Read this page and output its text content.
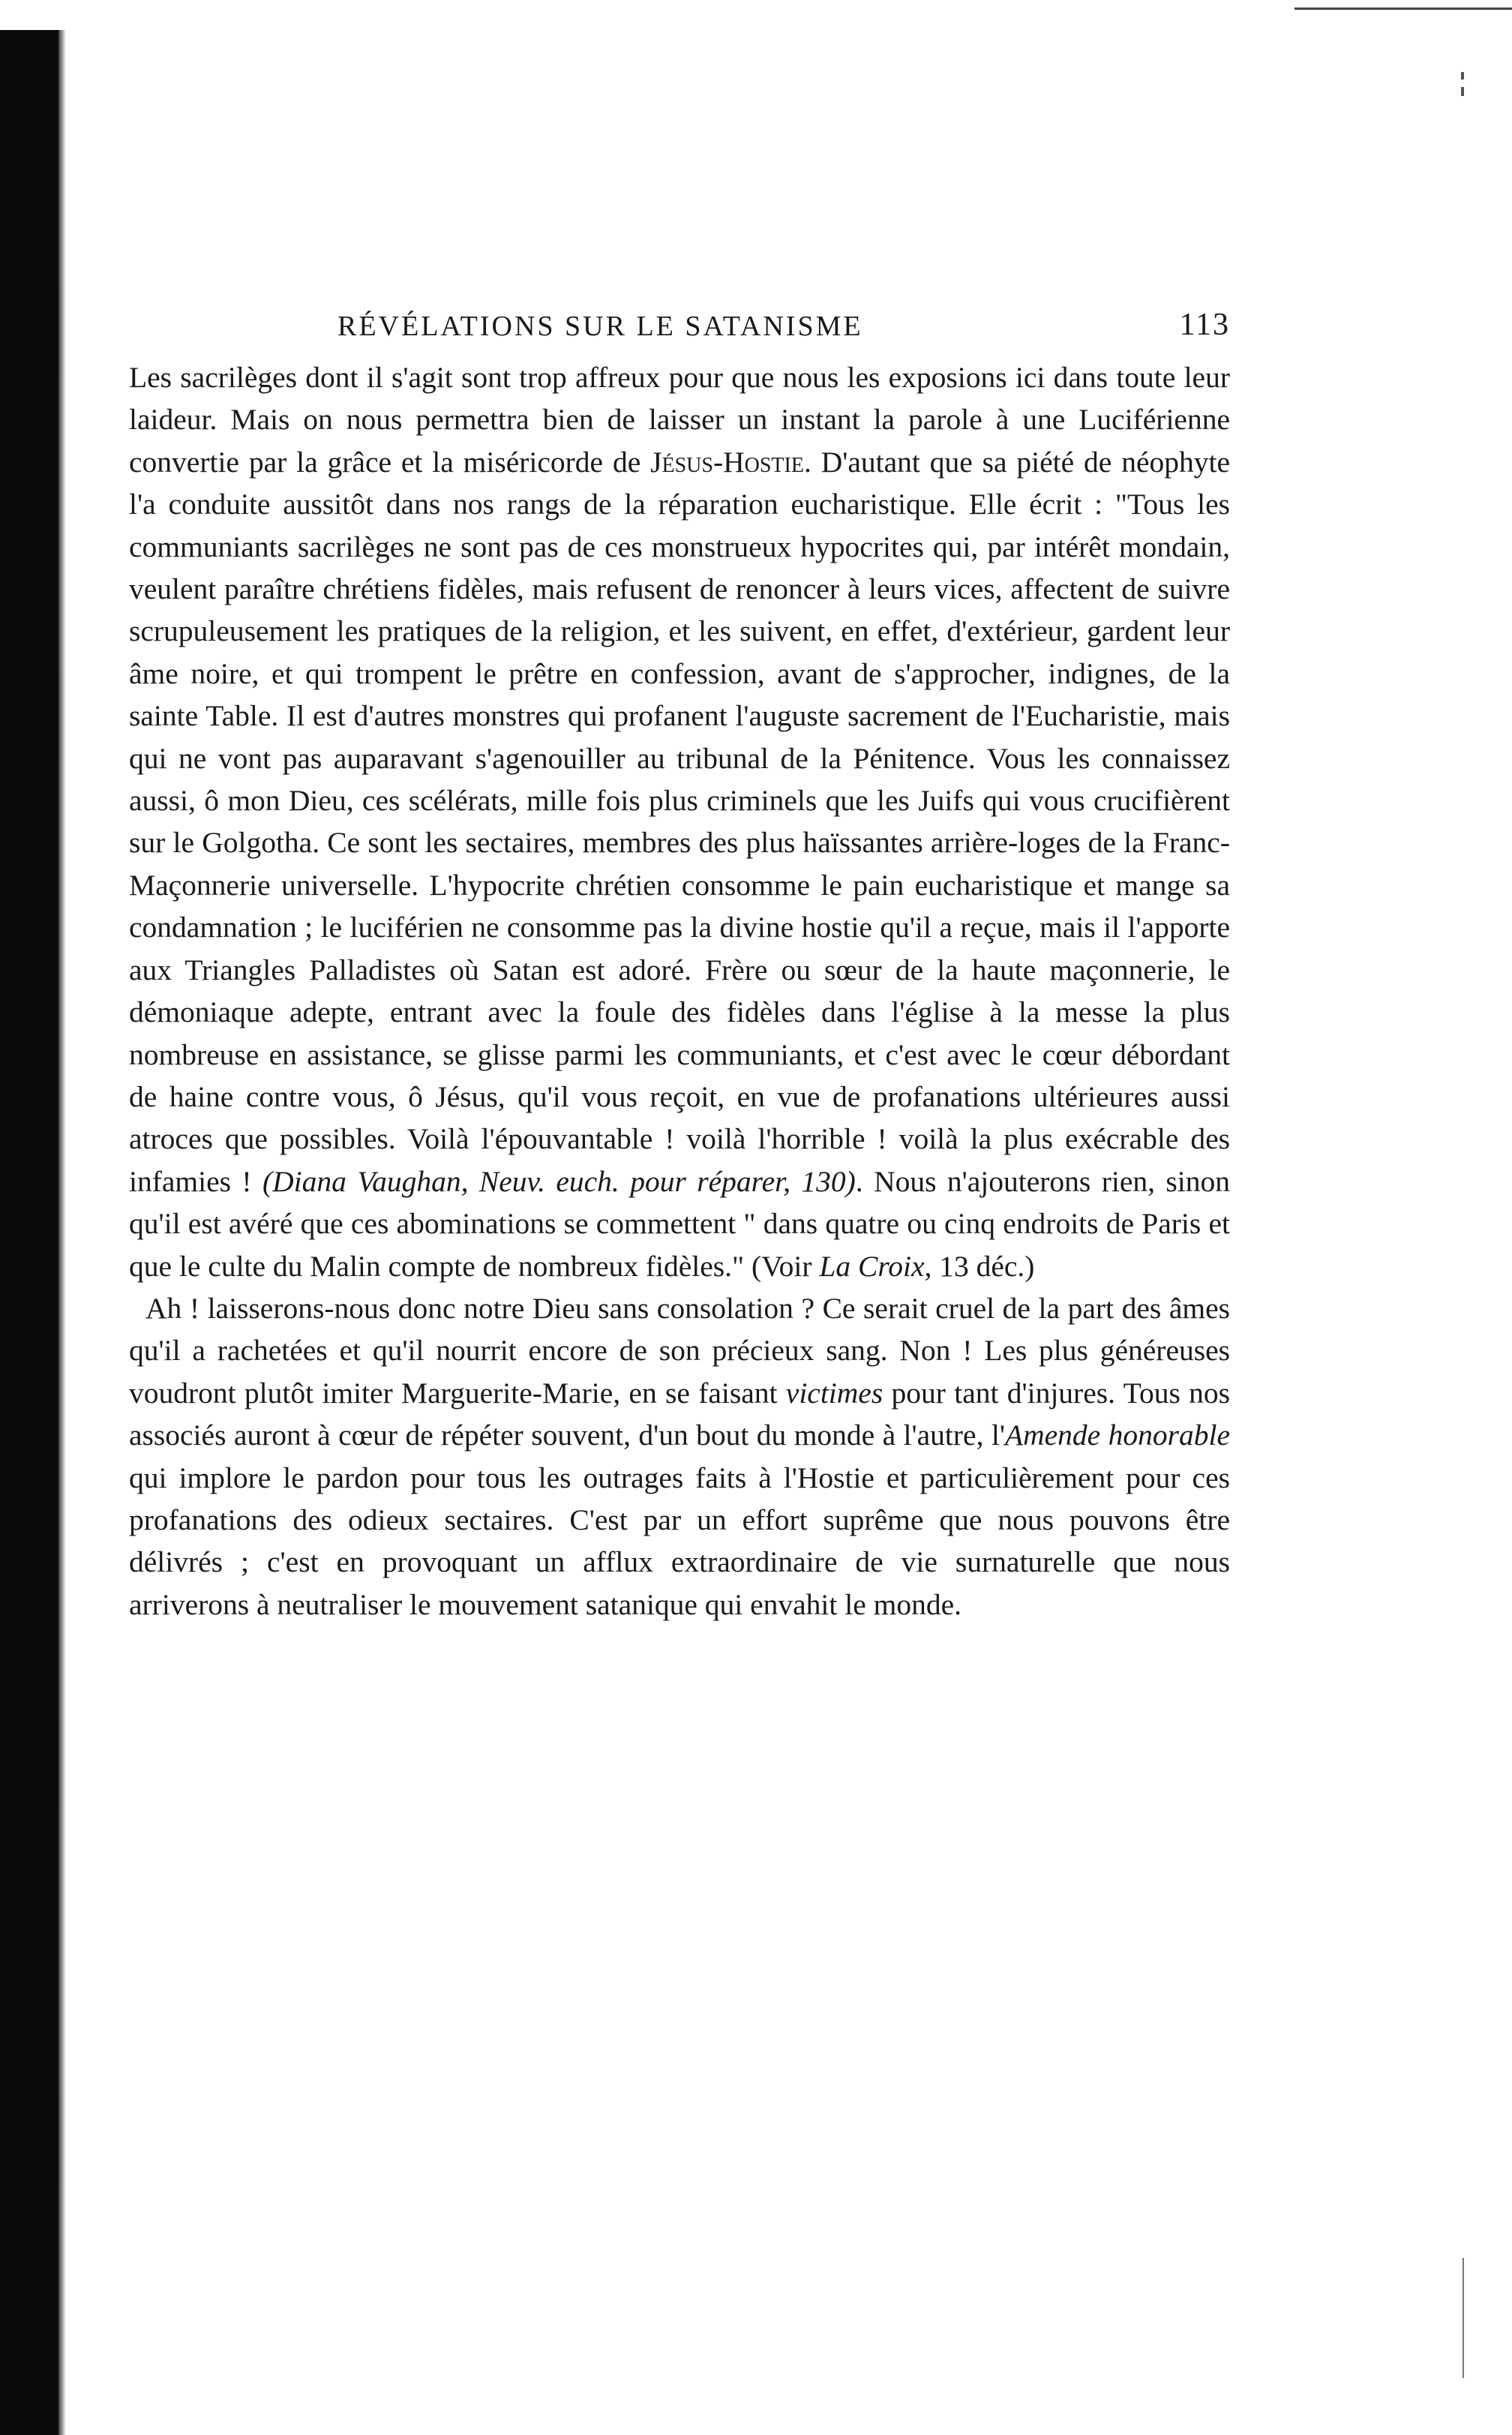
RÉVÉLATIONS SUR LE SATANISME	113

Les sacrilèges dont il s'agit sont trop affreux pour que nous les exposions ici dans toute leur laideur. Mais on nous permettra bien de laisser un instant la parole à une Luciférienne convertie par la grâce et la miséricorde de Jésus-Hostie. D'autant que sa piété de néophyte l'a conduite aussitôt dans nos rangs de la réparation eucharistique. Elle écrit : "Tous les communiants sacrilèges ne sont pas de ces monstrueux hypocrites qui, par intérêt mondain, veulent paraître chrétiens fidèles, mais refusent de renoncer à leurs vices, affectent de suivre scrupuleusement les pratiques de la religion, et les suivent, en effet, d'extérieur, gardent leur âme noire, et qui trompent le prêtre en confession, avant de s'approcher, indignes, de la sainte Table. Il est d'autres monstres qui profanent l'auguste sacrement de l'Eucharistie, mais qui ne vont pas auparavant s'agenouiller au tribunal de la Pénitence. Vous les connaissez aussi, ô mon Dieu, ces scélérats, mille fois plus criminels que les Juifs qui vous crucifièrent sur le Golgotha. Ce sont les sectaires, membres des plus haïssantes arrière-loges de la Franc-Maçonnerie universelle. L'hypocrite chrétien consomme le pain eucharistique et mange sa condamnation ; le luciférien ne consomme pas la divine hostie qu'il a reçue, mais il l'apporte aux Triangles Palladistes où Satan est adoré. Frère ou sœur de la haute maçonnerie, le démoniaque adepte, entrant avec la foule des fidèles dans l'église à la messe la plus nombreuse en assistance, se glisse parmi les communiants, et c'est avec le cœur débordant de haine contre vous, ô Jésus, qu'il vous reçoit, en vue de profanations ultérieures aussi atroces que possibles. Voilà l'épouvantable ! voilà l'horrible ! voilà la plus exécrable des infamies ! (Diana Vaughan, Neuv. euch. pour réparer, 130). Nous n'ajouterons rien, sinon qu'il est avéré que ces abominations se commettent " dans quatre ou cinq endroits de Paris et que le culte du Malin compte de nombreux fidèles." (Voir La Croix, 13 déc.)

Ah ! laisserons-nous donc notre Dieu sans consolation ? Ce serait cruel de la part des âmes qu'il a rachetées et qu'il nourrit encore de son précieux sang. Non ! Les plus généreuses voudront plutôt imiter Marguerite-Marie, en se faisant victimes pour tant d'injures. Tous nos associés auront à cœur de répéter souvent, d'un bout du monde à l'autre, l'Amende honorable qui implore le pardon pour tous les outrages faits à l'Hostie et particulièrement pour ces profanations des odieux sectaires. C'est par un effort suprême que nous pouvons être délivrés ; c'est en provoquant un afflux extraordinaire de vie surnaturelle que nous arriverons à neutraliser le mouvement satanique qui envahit le monde.
